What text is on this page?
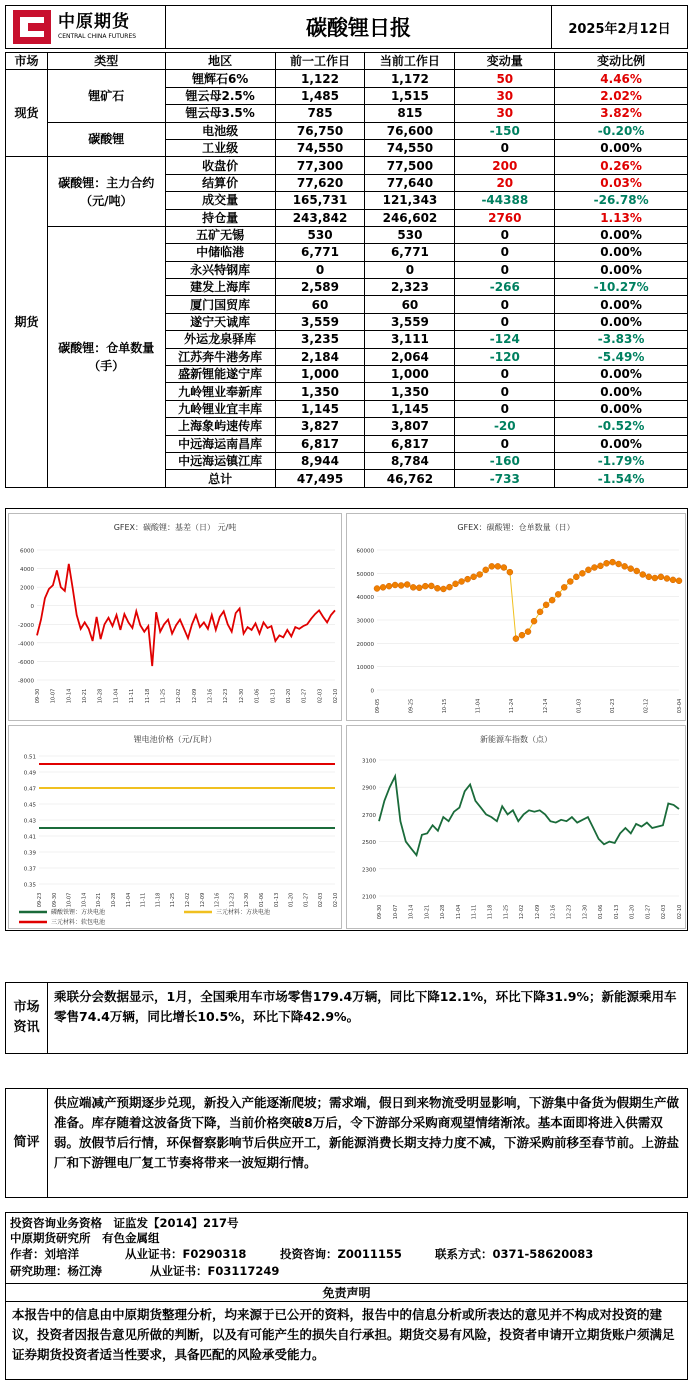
中原期货
CENTRAL CHINA FUTURES	碳酸锂日报	2025年2月12日
市场	类型	地区	前一工作日	当前工作日	变动量	变动比例
现货	锂矿石	锂辉石6%	1,122	1,172	50	4.46%
		锂云母2.5%	1,485	1,515	30	2.02%
		锂云母3.5%	785	815	30	3.82%
	碳酸锂	电池级	76,750	76,600	-150	-0.20%
		工业级	74,550	74,550	0	0.00%
期货	碳酸锂：主力合约（元/吨）	收盘价	77,300	77,500	200	0.26%
		结算价	77,620	77,640	20	0.03%
		成交量	165,731	121,343	-44388	-26.78%
		持仓量	243,842	246,602	2760	1.13%
	碳酸锂：仓单数量（手）	五矿无锡	530	530	0	0.00%
		中储临港	6,771	6,771	0	0.00%
		永兴特钢库	0	0	0	0.00%
		建发上海库	2,589	2,323	-266	-10.27%
		厦门国贸库	60	60	0	0.00%
		遂宁天诚库	3,559	3,559	0	0.00%
		外运龙泉驿库	3,235	3,111	-124	-3.83%
		江苏奔牛港务库	2,184	2,064	-120	-5.49%
		盛新锂能遂宁库	1,000	1,000	0	0.00%
		九岭锂业奉新库	1,350	1,350	0	0.00%
		九岭锂业宜丰库	1,145	1,145	0	0.00%
		上海象屿速传库	3,827	3,807	-20	-0.52%
		中远海运南昌库	6,817	6,817	0	0.00%
		中远海运镇江库	8,944	8,784	-160	-1.79%
		总计	47,495	46,762	-733	-1.54%
GFEX：碳酸锂：基差（日） 元/吨
6000
4000
2000
0
-2000
-4000
-6000
-8000
09-30 10-07 10-14 10-21 10-28 11-04 11-11 11-18 11-25 12-02 12-09 12-16 12-23 12-30 01-06 01-13 01-20 01-27 02-03 02-10
GFEX：碳酸锂：仓单数量（日）
60000
50000
40000
30000
20000
10000
0
09-05	09-25	10-15	11-04	11-24	12-14	01-03	01-23	02-12	03-04
锂电池价格（元/瓦时）
0.51
0.49
0.47
0.45
0.43
0.41
0.39
0.37
0.35
09-23 09-30 10-07 10-14 10-21 10-28 11-04 11-11 11-18 11-25 12-02 12-09 12-16 12-23 12-30 01-06 01-13 01-20 01-27 02-03 02-10
磷酸铁锂：方块电池	三元材料：方块电池
三元材料：软包电池
新能源车指数（点）
3100
2900
2700
2500
2300
2100
09-30 10-07 10-14 10-21 10-28 11-04 11-11 11-18 11-25 12-02 12-09 12-16 12-23 12-30 01-06 01-13 01-20 01-27 02-03 02-10
市场资讯
乘联分会数据显示，1月，全国乘用车市场零售179.4万辆，同比下降12.1%，环比下降31.9%；新能源乘用车零售74.4万辆，同比增长10.5%，环比下降42.9%。
简评
供应端减产预期逐步兑现，新投入产能逐渐爬坡；需求端，假日到来物流受明显影响，下游集中备货为假期生产做准备。库存随着这波备货下降，当前价格突破8万后，令下游部分采购商观望情绪渐浓。基本面即将进入供需双弱。放假节后行情，环保督察影响节后供应开工，新能源消费长期支持力度不减，下游采购前移至春节前。上游盐厂和下游锂电厂复工节奏将带来一波短期行情。
投资咨询业务资格　证监发【2014】217号
中原期货研究所　有色金属组
作者：刘培洋	从业证书：F0290318	投资咨询：Z0011155	联系方式：0371-58620083
研究助理：杨江涛	从业证书：F03117249
免责声明
本报告中的信息由中原期货整理分析，均来源于已公开的资料，报告中的信息分析或所表达的意见并不构成对投资的建议，投资者因报告意见所做的判断，以及有可能产生的损失自行承担。期货交易有风险，投资者申请开立期货账户须满足证券期货投资者适当性要求，具备匹配的风险承受能力。
